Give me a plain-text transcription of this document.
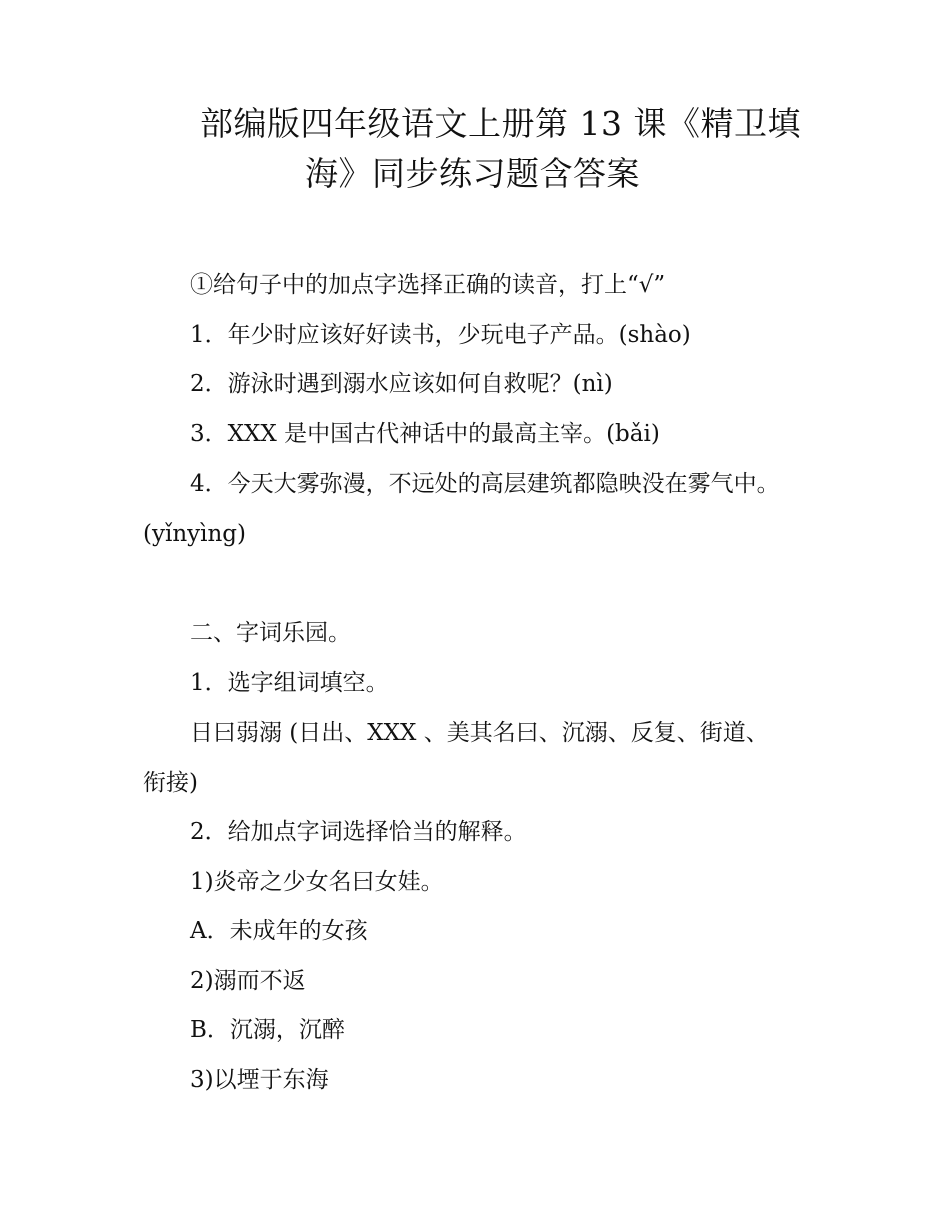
部编版四年级语文上册第 13 课《精卫填
海》同步练习题含答案
①给句子中的加点字选择正确的读音，打上“√”
1．年少时应该好好读书，少玩电子产品。(shào)
2．游泳时遇到溺水应该如何自救呢？(nì)
3．XXX 是中国古代神话中的最高主宰。(bǎi)
4．今天大雾弥漫，不远处的高层建筑都隐映没在雾气中。
(yǐnyìng)
二、字词乐园。
1．选字组词填空。
日曰弱溺 (日出、XXX 、美其名曰、沉溺、反复、街道、
衔接)
2．给加点字词选择恰当的解释。
1)炎帝之少女名曰女娃。
A．未成年的女孩
2)溺而不返
B．沉溺，沉醉
3)以堙于东海
